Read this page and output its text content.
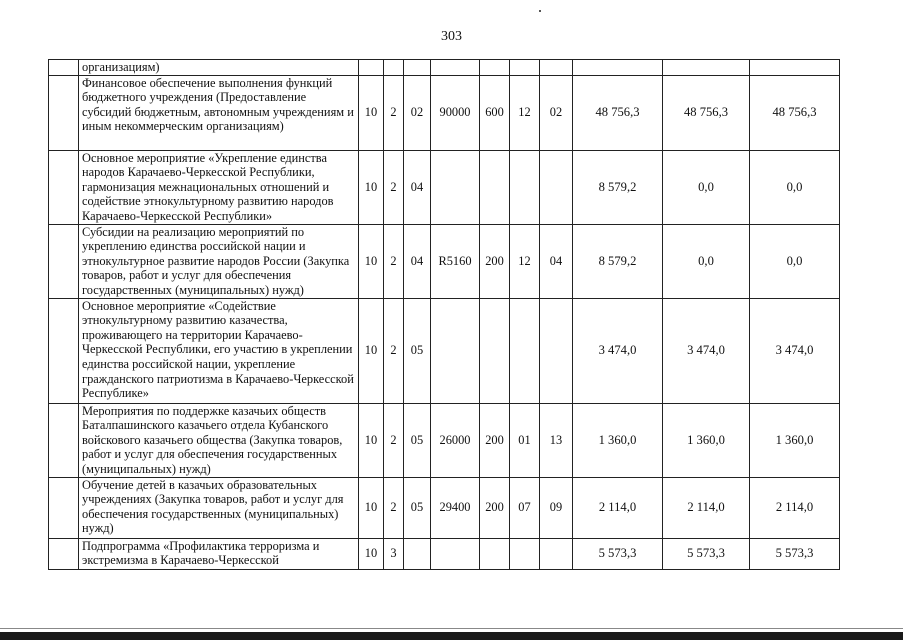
303
	организациям)										
	Финансовое обеспечение выполнения функций бюджетного учреждения (Предоставление субсидий бюджетным, автономным учреждениям и иным некоммерческим организациям)	10	2	02	90000	600	12	02	48 756,3	48 756,3	48 756,3
	Основное мероприятие «Укрепление единства народов Карачаево-Черкесской Республики, гармонизация межнациональных отношений и содействие этнокультурному развитию народов Карачаево-Черкесской Республики»	10	2	04					8 579,2	0,0	0,0
	Субсидии на реализацию мероприятий по укреплению единства российской нации и этнокультурное развитие народов России (Закупка товаров, работ и услуг для обеспечения государственных (муниципальных) нужд)	10	2	04	R5160	200	12	04	8 579,2	0,0	0,0
	Основное мероприятие «Содействие этнокультурному развитию казачества, проживающего на территории Карачаево-Черкесской Республики, его участию в укреплении единства российской нации, укрепление гражданского патриотизма в Карачаево-Черкесской Республике»	10	2	05					3 474,0	3 474,0	3 474,0
	Мероприятия по поддержке казачьих обществ Баталпашинского казачьего отдела Кубанского войскового казачьего общества (Закупка товаров, работ и услуг для обеспечения государственных (муниципальных) нужд)	10	2	05	26000	200	01	13	1 360,0	1 360,0	1 360,0
	Обучение детей в казачьих образовательных учреждениях (Закупка товаров, работ и услуг для обеспечения государственных (муниципальных) нужд)	10	2	05	29400	200	07	09	2 114,0	2 114,0	2 114,0
	Подпрограмма «Профилактика терроризма и экстремизма в Карачаево-Черкесской	10	3						5 573,3	5 573,3	5 573,3
